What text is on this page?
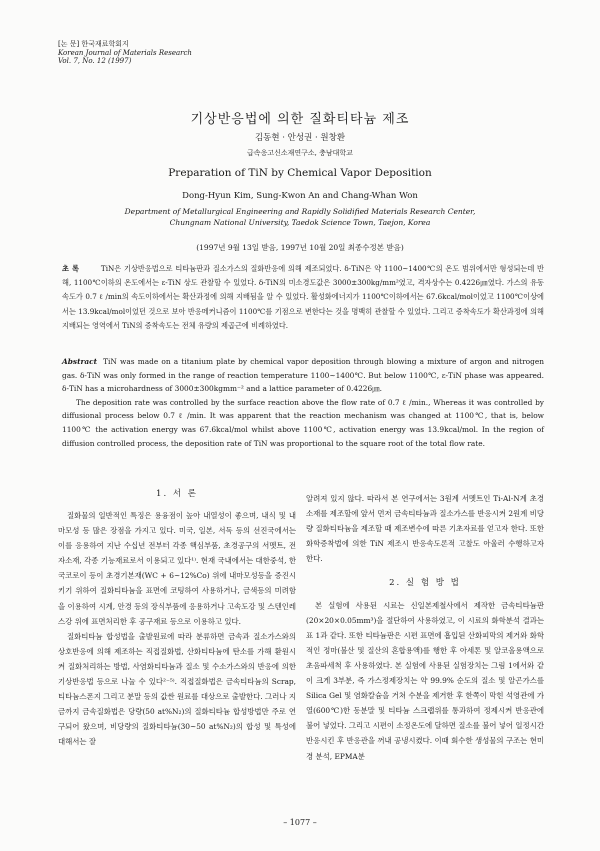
[논 문] 한국재료학회지
Korean Journal of Materials Research
Vol. 7, No. 12 (1997)
기상반응법에 의한 질화티타늄 제조
김동현 · 안성권 · 원창환
급속응고신소재연구소, 충남대학교
Preparation of TiN by Chemical Vapor Deposition
Dong-Hyun Kim, Sung-Kwon An and Chang-Whan Won
Department of Metallurgical Engineering and Rapidly Solidified Materials Research Center,
Chungnam National University, Taedok Science Town, Taejon, Korea
(1997년 9월 13일 받음, 1997년 10월 20일 최종수정본 받음)
초 록	TiN은 기상반응법으로 티타늄판과 질소가스의 질화반응에 의해 제조되었다. δ-TiN은 약 1100~1400℃의 온도 범위에서만 형성되는데 반해, 1100℃이하의 온도에서는 ε-TiN 상도 관찰할 수 있었다. δ-TiN의 미소경도값은 3000±300kg/mm²였고, 격자상수는 0.4226㎛였다. 가스의 유동속도가 0.7 ℓ /min의 속도이하에서는 확산과정에 의해 지배됨을 알 수 있었다. 활성화에너지가 1100℃이하에서는 67.6kcal/mol이었고 1100℃이상에서는 13.9kcal/mol이었던 것으로 보아 반응메커니즘이 1100℃를 기점으로 변한다는 것을 명백히 관찰할 수 있었다. 그리고 증착속도가 확산과정에 의해 지배되는 영역에서 TiN의 증착속도는 전체 유량의 제곱근에 비례하였다.

Abstract TiN was made on a titanium plate by chemical vapor deposition through blowing a mixture of argon and nitrogen gas. δ-TiN was only formed in the range of reaction temperature 1100~1400℃. But below 1100℃, ε-TiN phase was appeared. δ-TiN has a microhardness of 3000±300kgmm⁻² and a lattice parameter of 0.4226㎛.

The deposition rate was controlled by the surface reaction above the flow rate of 0.7 ℓ /min., Whereas it was controlled by diffusional process below 0.7 ℓ /min. It was apparent that the reaction mechanism was changed at 1100℃, that is, below 1100℃ the activation energy was 67.6kcal/mol whilst above 1100℃, activation energy was 13.9kcal/mol. In the region of diffusion controlled process, the deposition rate of TiN was proportional to the square root of the total flow rate.

1. 서 론

질화물의 일반적인 특징은 용융점이 높아 내열성이 좋으며, 내식 및 내마모성 등 많은 장점을 가지고 있다. 미국, 일본, 서독 등의 선진국에서는 이를 응용하여 지난 수십년 전부터 각종 핵심부품, 초경공구의 서멧트, 전자소재, 각종 기능재료로서 이용되고 있다¹⁾. 현재 국내에서는 대한중석, 한국코로이 등이 초경기본재(WC + 6~12%Co) 위에 내마모성등을 증진시키기 위하여 질화티타늄을 표면에 코팅하여 사용하거나, 금색등의 미려함을 이용하여 시계, 안경 등의 장식부품에 응용하거나 고속도강 및 스텐인레스강 위에 표면처리한 후 공구재료 등으로 이용하고 있다.

질화티타늄 합성법을 출발원료에 따라 분류하면 금속과 질소가스와의 상호반응에 의해 제조하는 직접질화법, 산화티타늄에 탄소를 가해 환원시켜 질화처리하는 방법, 사염화티타늄과 질소 및 수소가스와의 반응에 의한 기상반응법 등으로 나눌 수 있다²⁻⁵⁾. 직접질화법은 금속티타늄의 Scrap, 티타늄스폰지 그리고 분말 등의 값싼 원료를 대상으로 출발한다. 그러나 지금까지 금속질화법은 당량(50 at%N₂)의 질화티타늄 합성방법만 주로 연구되어 왔으며, 비당량의 질화티타늄(30~50 at%N₂)의 합성 및 특성에 대해서는 잘

알려져 있지 않다. 따라서 본 연구에서는 3원계 서멧트인 Ti-Al-N계 초경소재를 제조할에 앞서 먼저 금속티타늄과 질소가스를 반응시켜 2원계 비당량 질화티타늄을 제조할 때 제조변수에 따른 기초자료를 얻고자 한다. 또한 화학증착법에 의한 TiN 제조시 반응속도론적 고찰도 아울러 수행하고자 한다.

2. 실 험 방 법

본 실험에 사용된 시료는 신일본제철사에서 제작한 금속티타늄판(20×20×0.05mm³)을 절단하여 사용하였고, 이 시료의 화학분석 결과는 표 1과 같다. 또한 티타늄판은 시편 표면에 흡입된 산화피막의 제거와 화학적인 정마(불산 및 질산의 혼합용액)를 행한 후 아세톤 및 알코올용액으로 초음파세척 후 사용하였다. 본 실험에 사용된 실험장치는 그림 1에서와 같이 크게 3부분, 즉 가스정제장치는 약 99.9% 순도의 질소 및 알곤가스를 Silica Gel 및 염화칼슘을 거쳐 수분을 제거한 후 한쪽이 막힌 석영관에 가열(600℃)한 동분말 및 티타늄 스크랩위를 통과하여 정제시켜 반응관에 불어 넣었다. 그리고 시편이 소정온도에 달하면 질소를 불어 넣어 일정시간 반응시킨 후 반응관을 꺼내 공냉시켰다. 이때 회수한 생성물의 구조는 현미경 분석, EPMA분

– 1077 –
